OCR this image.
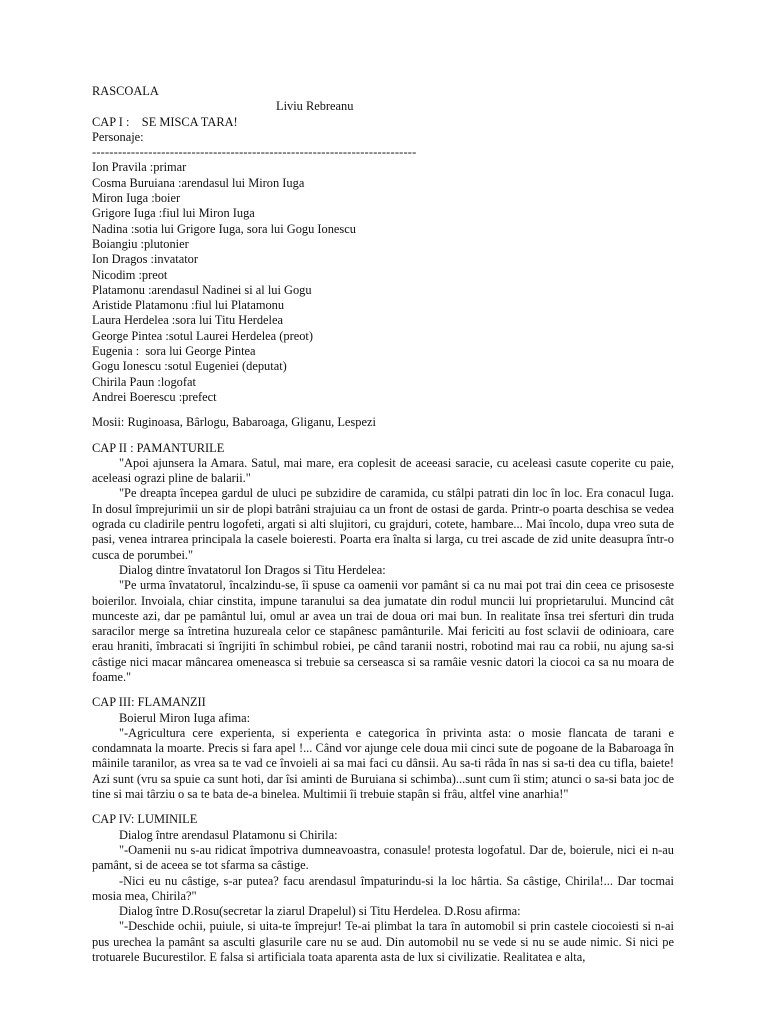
RASCOALA
Liviu Rebreanu
CAP I :    SE MISCA TARA!
Personaje:
---------------------------------------------------------------------------
Ion Pravila :primar
Cosma Buruiana :arendasul lui Miron Iuga
Miron Iuga :boier
Grigore Iuga :fiul lui Miron Iuga
Nadina :sotia lui Grigore Iuga, sora lui Gogu Ionescu
Boiangiu :plutonier
Ion Dragos :invatator
Nicodim :preot
Platamonu :arendasul Nadinei si al lui Gogu
Aristide Platamonu :fiul lui Platamonu
Laura Herdelea :sora lui Titu Herdelea
George Pintea :sotul Laurei Herdelea (preot)
Eugenia :  sora lui George Pintea
Gogu Ionescu :sotul Eugeniei (deputat)
Chirila Paun :logofat
Andrei Boerescu :prefect
Mosii: Ruginoasa, Bârlogu, Babaroaga, Gliganu, Lespezi
CAP II : PAMANTURILE
"Apoi ajunsera la Amara. Satul, mai mare, era coplesit de aceeasi saracie, cu aceleasi casute coperite cu paie, aceleasi ograzi pline de balarii."
"Pe dreapta începea gardul de uluci pe subzidire de caramida, cu stâlpi patrati din loc în loc. Era conacul Iuga. In dosul împrejurimii un sir de plopi batrâni strajuiau ca un front de ostasi de garda. Printr-o poarta deschisa se vedea ograda cu cladirile pentru logofeti, argati si alti slujitori, cu grajduri, cotete, hambare... Mai încolo, dupa vreo suta de pasi, venea intrarea principala la casele boieresti. Poarta era înalta si larga, cu trei ascade de zid unite deasupra într-o cusca de porumbei."
Dialog dintre învatatorul Ion Dragos si Titu Herdelea:
"Pe urma învatatorul, încalzindu-se, îi spuse ca oamenii vor pamânt si ca nu mai pot trai din ceea ce prisoseste boierilor. Invoiala, chiar cinstita, impune taranului sa dea jumatate din rodul muncii lui proprietarului. Muncind cât munceste azi, dar pe pamântul lui, omul ar avea un trai de doua ori mai bun. In realitate însa trei sferturi din truda saracilor merge sa întretina huzureala celor ce stapânesc pamânturile. Mai fericiti au fost sclavii de odinioara, care erau hraniti, îmbracati si îngrijiti în schimbul robiei, pe când taranii nostri, robotind mai rau ca robii, nu ajung sa-si câstige nici macar mâncarea omeneasca si trebuie sa cerseasca si sa ramâie vesnic datori la ciocoi ca sa nu moara de foame."
CAP III: FLAMANZII
Boierul Miron Iuga afima:
"-Agricultura cere experienta, si experienta e categorica în privinta asta: o mosie flancata de tarani e condamnata la moarte. Precis si fara apel !... Când vor ajunge cele doua mii cinci sute de pogoane de la Babaroaga în mâinile taranilor, as vrea sa te vad ce învoieli ai sa mai faci cu dânsii. Au sa-ti râda în nas si sa-ti dea cu tifla, baiete! Azi sunt (vru sa spuie ca sunt hoti, dar îsi aminti de Buruiana si schimba)...sunt cum îi stim; atunci o sa-si bata joc de tine si mai târziu o sa te bata de-a binelea. Multimii îi trebuie stapân si frâu, altfel vine anarhia!"
CAP IV: LUMINILE
Dialog între arendasul Platamonu si Chirila:
"-Oamenii nu s-au ridicat împotriva dumneavoastra, conasule! protesta logofatul. Dar de, boierule, nici ei n-au pamânt, si de aceea se tot sfarma sa câstige.
-Nici eu nu câstige, s-ar putea? facu arendasul împaturindu-si la loc hârtia. Sa câstige, Chirila!... Dar tocmai mosia mea, Chirila?"
Dialog între D.Rosu(secretar la ziarul Drapelul) si Titu Herdelea. D.Rosu afirma:
"-Deschide ochii, puiule, si uita-te împrejur! Te-ai plimbat la tara în automobil si prin castele ciocoiesti si n-ai pus urechea la pamânt sa asculti glasurile care nu se aud. Din automobil nu se vede si nu se aude nimic. Si nici pe trotuarele Bucurestilor. E falsa si artificiala toata aparenta asta de lux si civilizatie. Realitatea e alta,
